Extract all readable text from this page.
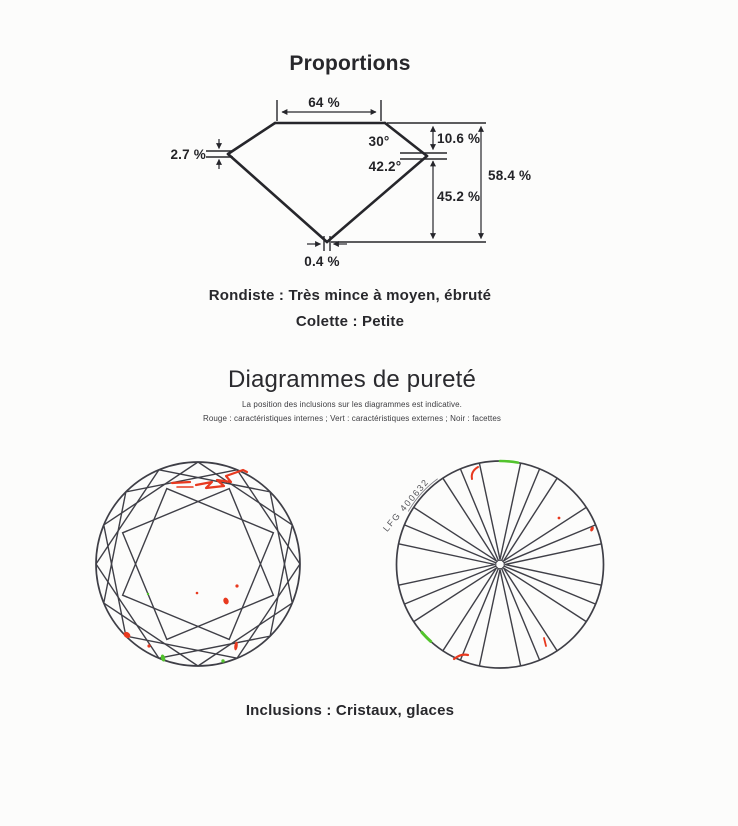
Proportions
64 %
2.7 %
30°
42.2°
10.6 %
45.2 %
58.4 %
0.4 %
Rondiste : Très mince à moyen, ébruté
Colette : Petite
Diagrammes de pureté
La position des inclusions sur les diagrammes est indicative.
Rouge : caractéristiques internes ; Vert : caractéristiques externes ; Noir : facettes
LFG 400632
Inclusions : Cristaux, glaces
